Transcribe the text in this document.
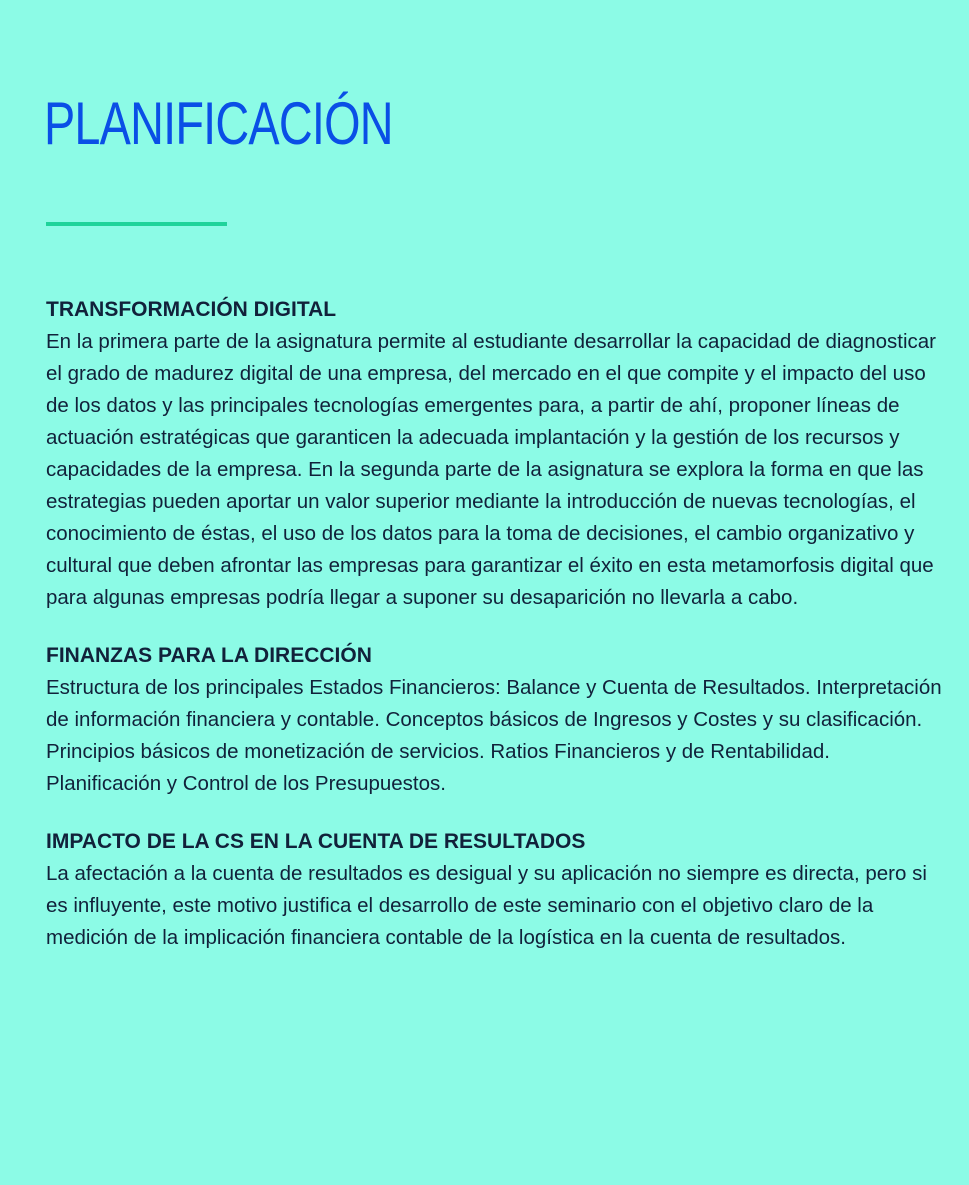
PLANIFICACIÓN
TRANSFORMACIÓN DIGITAL

En la primera parte de la asignatura permite al estudiante desarrollar la capacidad de diagnosticar el grado de madurez digital de una empresa, del mercado en el que compite y el impacto del uso de los datos y las principales tecnologías emergentes para, a partir de ahí, proponer líneas de actuación estratégicas que garanticen la adecuada implantación y la gestión de los recursos y capacidades de la empresa. En la segunda parte de la asignatura se explora la forma en que las estrategias pueden aportar un valor superior mediante la introducción de nuevas tecnologías, el conocimiento de éstas, el uso de los datos para la toma de decisiones, el cambio organizativo y cultural que deben afrontar las empresas para garantizar el éxito en esta metamorfosis digital que para algunas empresas podría llegar a suponer su desaparición no llevarla a cabo.

FINANZAS PARA LA DIRECCIÓN

Estructura de los principales Estados Financieros: Balance y Cuenta de Resultados. Interpretación de información financiera y contable. Conceptos básicos de Ingresos y Costes y su clasificación. Principios básicos de monetización de servicios. Ratios Financieros y de Rentabilidad. Planificación y Control de los Presupuestos.

IMPACTO DE LA CS EN LA CUENTA DE RESULTADOS

La afectación a la cuenta de resultados es desigual y su aplicación no siempre es directa, pero si es influyente, este motivo justifica el desarrollo de este seminario con el objetivo claro de la medición de la implicación financiera contable de la logística en la cuenta de resultados.
